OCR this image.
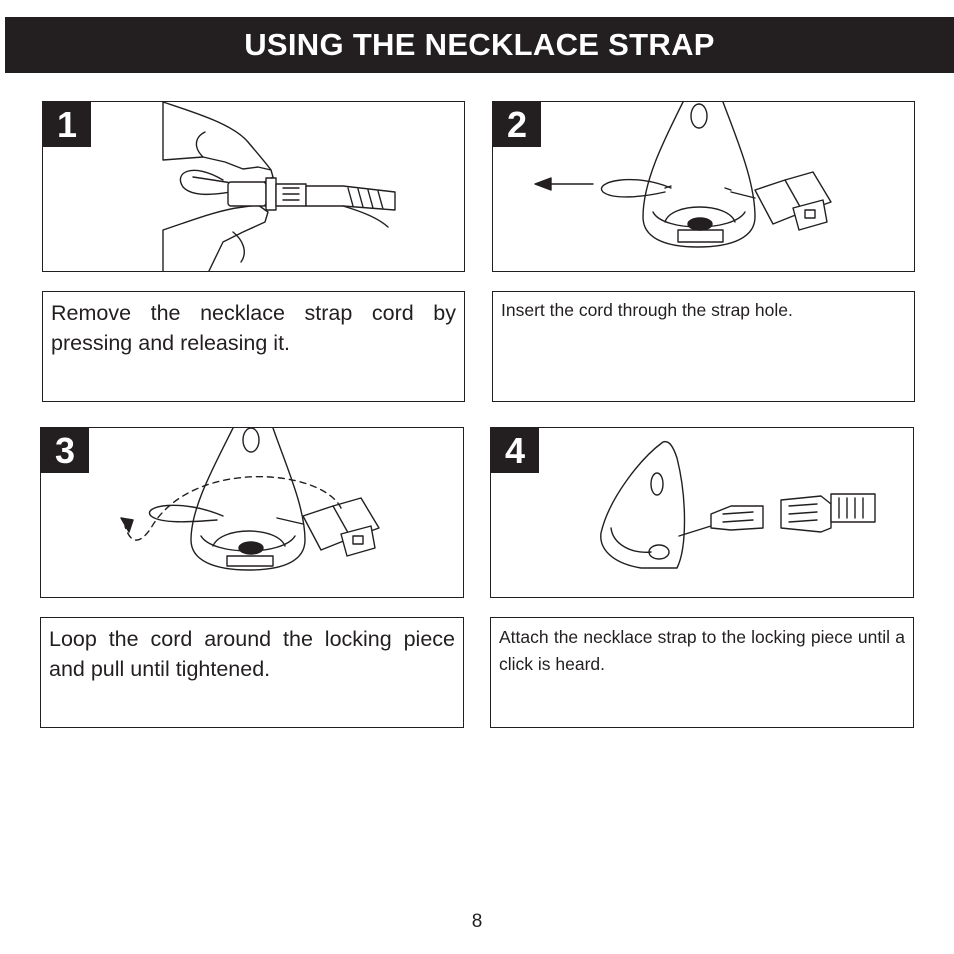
USING THE NECKLACE STRAP
1
Remove the necklace strap cord by pressing and releasing it.
2
Insert the cord through the strap hole.
3
Loop the cord around the locking piece and pull until tightened.
4
Attach the necklace strap to the locking piece until a click is heard.
8
